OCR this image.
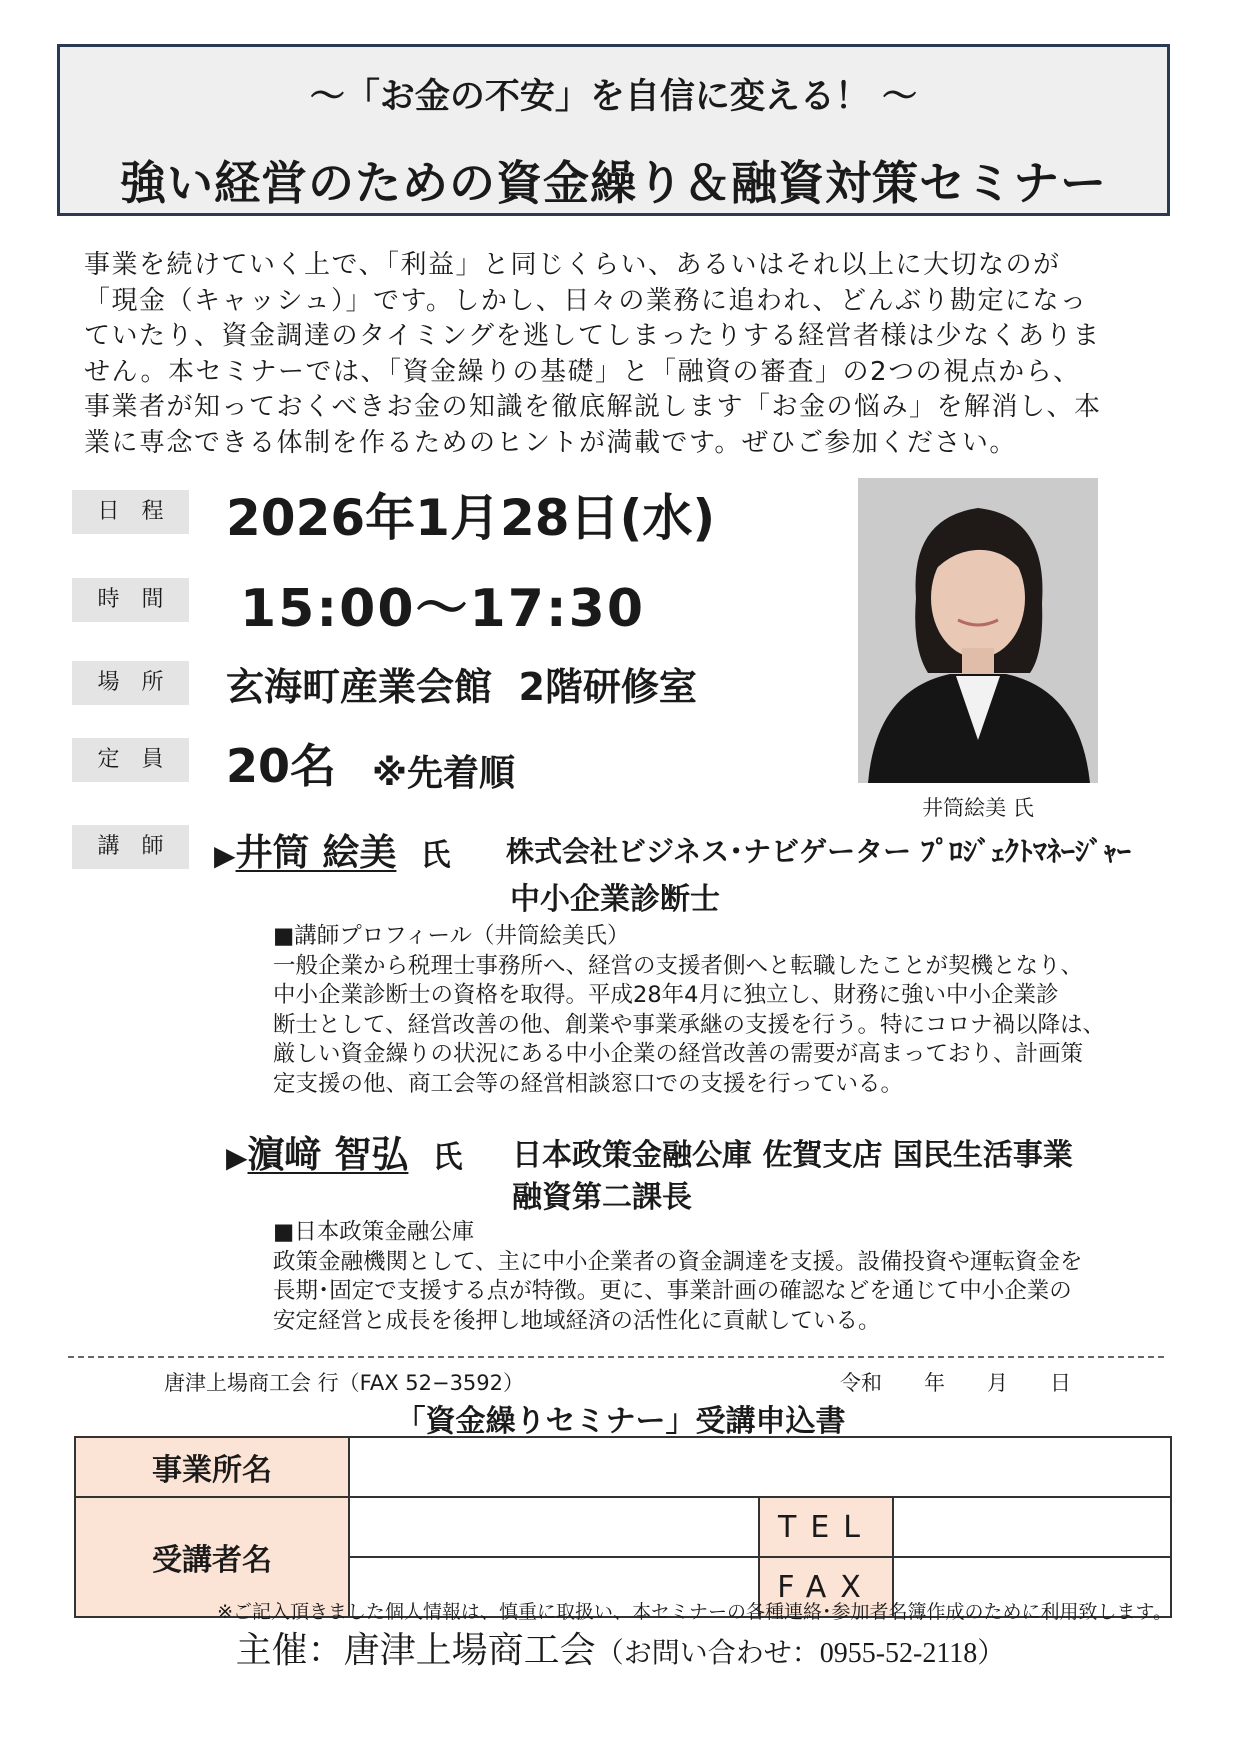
～「お金の不安」を自信に変える！ ～
強い経営のための資金繰り＆融資対策セミナー

事業を続けていく上で、「利益」と同じくらい、あるいはそれ以上に大切なのが

「現金（キャッシュ）」です。しかし、日々の業務に追われ、どんぶり勘定になっ

ていたり、資金調達のタイミングを逃してしまったりする経営者様は少なくありま

せん。本セミナーでは、「資金繰りの基礎」と「融資の審査」の2つの視点から、

事業者が知っておくべきお金の知識を徹底解説します「お金の悩み」を解消し、本

業に専念できる体制を作るためのヒントが満載です。ぜひご参加ください。

日程 2026年1月28日(水)
時間 15:00～17:30
場所 玄海町産業会館  2階研修室
定員 20名 ※先着順
講師
井筒絵美 氏
▶井筒 絵美 氏 株式会社ビジネス･ナビゲーター ﾌﾟﾛｼﾞｪｸﾄﾏﾈｰｼﾞｬｰ
中小企業診断士

■講師プロフィール（井筒絵美氏）

一般企業から税理士事務所へ、経営の支援者側へと転職したことが契機となり、

中小企業診断士の資格を取得。平成28年4月に独立し、財務に強い中小企業診

断士として、経営改善の他、創業や事業承継の支援を行う。特にコロナ禍以降は、

厳しい資金繰りの状況にある中小企業の経営改善の需要が高まっており、計画策

定支援の他、商工会等の経営相談窓口での支援を行っている。

▶濵﨑 智弘 氏 日本政策金融公庫 佐賀支店 国民生活事業
融資第二課長

■日本政策金融公庫

政策金融機関として、主に中小企業者の資金調達を支援。設備投資や運転資金を

長期･固定で支援する点が特徴。更に、事業計画の確認などを通じて中小企業の

安定経営と成長を後押し地域経済の活性化に貢献している。

唐津上場商工会 行（FAX 52−3592）	令和　　年　　月　　日
「資金繰りセミナー」受講申込書
事業所名			
受講者名		TEL	
		FAX	
※ご記入頂きました個人情報は、慎重に取扱い、本セミナーの各種連絡･参加者名簿作成のために利用致します。
主催：唐津上場商工会（お問い合わせ：0955-52-2118）
